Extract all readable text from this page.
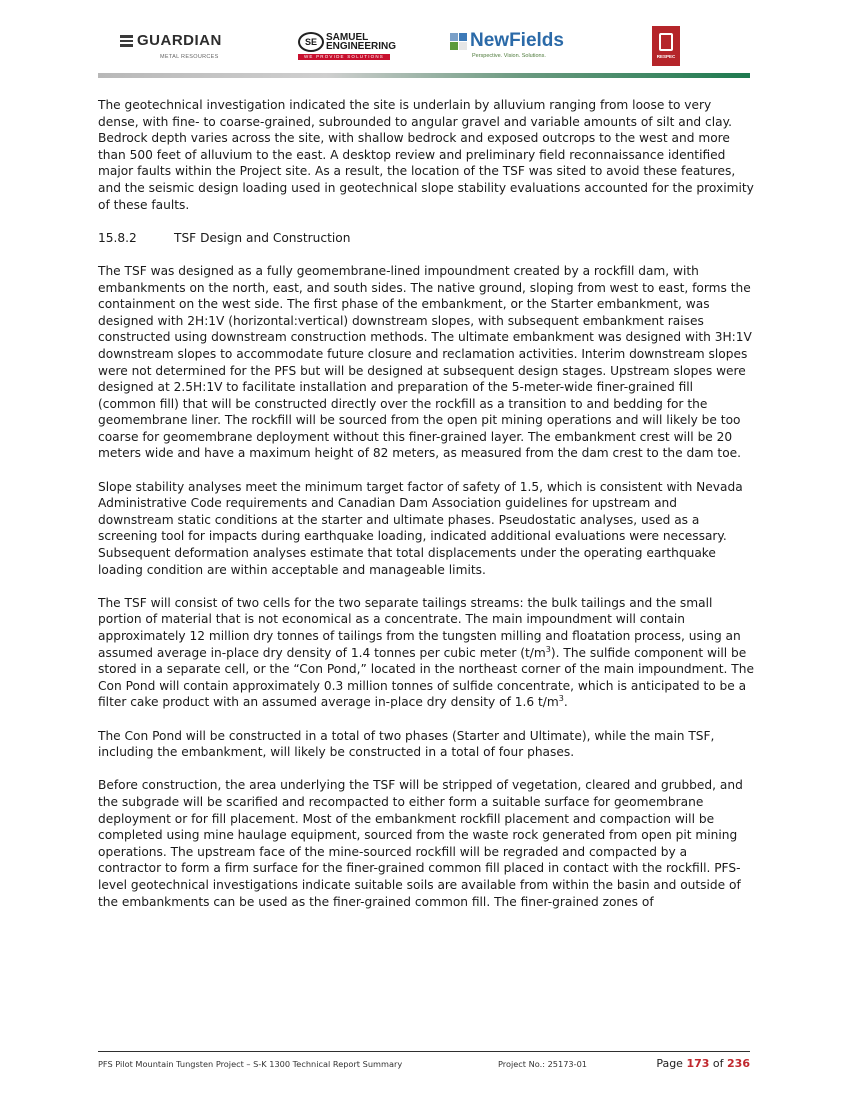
GUARDIAN
METAL RESOURCES
SE SAMUEL
ENGINEERING
WE PROVIDE SOLUTIONS
NewFields
Perspective. Vision. Solutions.	RESPEC

The geotechnical investigation indicated the site is underlain by alluvium ranging from loose to very dense, with fine- to coarse-grained, subrounded to angular gravel and variable amounts of silt and clay. Bedrock depth varies across the site, with shallow bedrock and exposed outcrops to the west and more than 500 feet of alluvium to the east. A desktop review and preliminary field reconnaissance identified major faults within the Project site. As a result, the location of the TSF was sited to avoid these features, and the seismic design loading used in geotechnical slope stability evaluations accounted for the proximity of these faults.

15.8.2	TSF Design and Construction

The TSF was designed as a fully geomembrane-lined impoundment created by a rockfill dam, with embankments on the north, east, and south sides. The native ground, sloping from west to east, forms the containment on the west side. The first phase of the embankment, or the Starter embankment, was designed with 2H:1V (horizontal:vertical) downstream slopes, with subsequent embankment raises constructed using downstream construction methods. The ultimate embankment was designed with 3H:1V downstream slopes to accommodate future closure and reclamation activities. Interim downstream slopes were not determined for the PFS but will be designed at subsequent design stages. Upstream slopes were designed at 2.5H:1V to facilitate installation and preparation of the 5-meter-wide finer-grained fill (common fill) that will be constructed directly over the rockfill as a transition to and bedding for the geomembrane liner. The rockfill will be sourced from the open pit mining operations and will likely be too coarse for geomembrane deployment without this finer-grained layer. The embankment crest will be 20 meters wide and have a maximum height of 82 meters, as measured from the dam crest to the dam toe.

Slope stability analyses meet the minimum target factor of safety of 1.5, which is consistent with Nevada Administrative Code requirements and Canadian Dam Association guidelines for upstream and downstream static conditions at the starter and ultimate phases. Pseudostatic analyses, used as a screening tool for impacts during earthquake loading, indicated additional evaluations were necessary. Subsequent deformation analyses estimate that total displacements under the operating earthquake loading condition are within acceptable and manageable limits.

The TSF will consist of two cells for the two separate tailings streams: the bulk tailings and the small portion of material that is not economical as a concentrate. The main impoundment will contain approximately 12 million dry tonnes of tailings from the tungsten milling and floatation process, using an assumed average in-place dry density of 1.4 tonnes per cubic meter $(t/m^3)$. The sulfide component will be stored in a separate cell, or the “Con Pond,” located in the northeast corner of the main impoundment. The Con Pond will contain approximately 0.3 million tonnes of sulfide concentrate, which is anticipated to be a filter cake product with an assumed average in-place dry density of 1.6 $t/m^3$.

The Con Pond will be constructed in a total of two phases (Starter and Ultimate), while the main TSF, including the embankment, will likely be constructed in a total of four phases.

Before construction, the area underlying the TSF will be stripped of vegetation, cleared and grubbed, and the subgrade will be scarified and recompacted to either form a suitable surface for geomembrane deployment or for fill placement. Most of the embankment rockfill placement and compaction will be completed using mine haulage equipment, sourced from the waste rock generated from open pit mining operations. The upstream face of the mine-sourced rockfill will be regraded and compacted by a contractor to form a firm surface for the finer-grained common fill placed in contact with the rockfill. PFS-level geotechnical investigations indicate suitable soils are available from within the basin and outside of the embankments can be used as the finer-grained common fill. The finer-grained zones of

PFS Pilot Mountain Tungsten Project – S-K 1300 Technical Report Summary	Project No.: 25173-01	Page 173 of 236
